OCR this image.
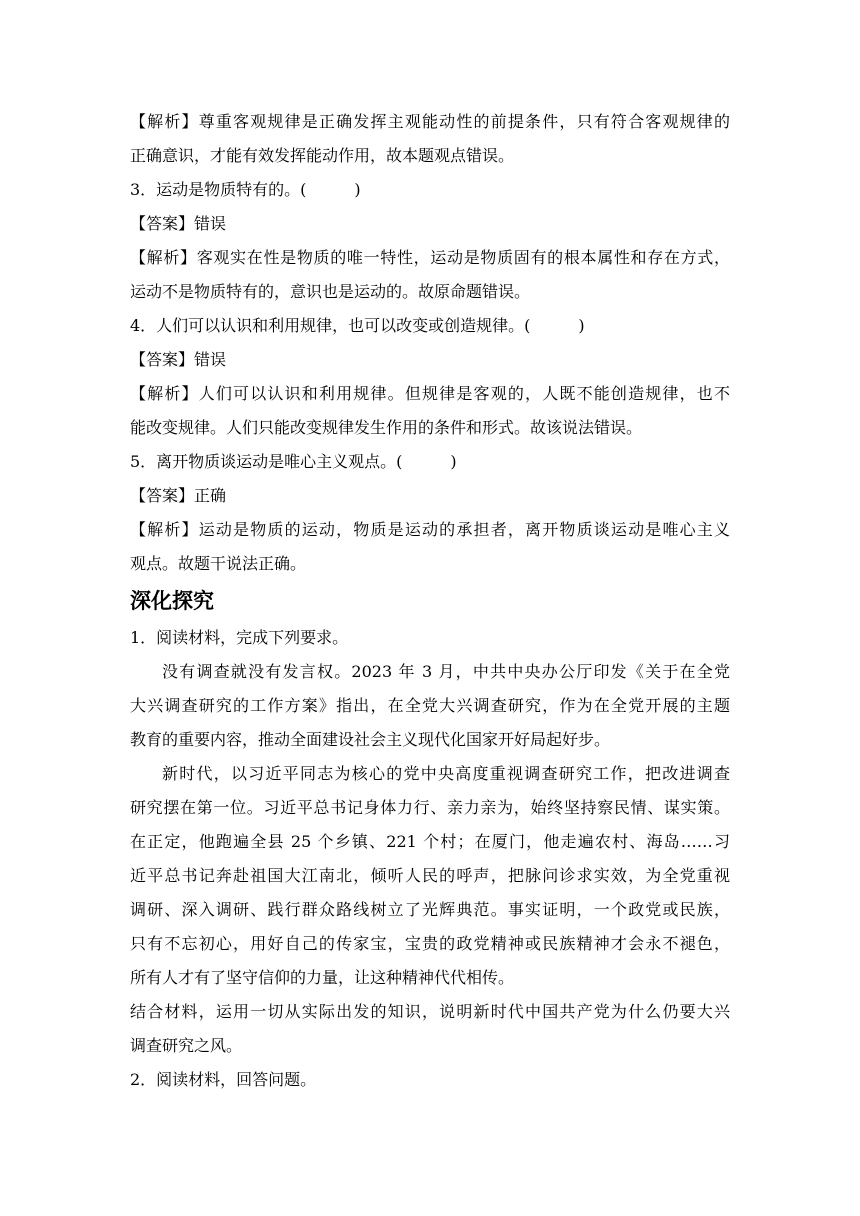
【解析】尊重客观规律是正确发挥主观能动性的前提条件，只有符合客观规律的
正确意识，才能有效发挥能动作用，故本题观点错误。
3．运动是物质特有的。(　　　)
【答案】错误
【解析】客观实在性是物质的唯一特性，运动是物质固有的根本属性和存在方式，
运动不是物质特有的，意识也是运动的。故原命题错误。
4．人们可以认识和利用规律，也可以改变或创造规律。(　　　)
【答案】错误
【解析】人们可以认识和利用规律。但规律是客观的，人既不能创造规律，也不
能改变规律。人们只能改变规律发生作用的条件和形式。故该说法错误。
5．离开物质谈运动是唯心主义观点。(　　　)
【答案】正确
【解析】运动是物质的运动，物质是运动的承担者，离开物质谈运动是唯心主义
观点。故题干说法正确。
深化探究
1．阅读材料，完成下列要求。
没有调查就没有发言权。2023 年 3 月，中共中央办公厅印发《关于在全党
大兴调查研究的工作方案》指出，在全党大兴调查研究，作为在全党开展的主题
教育的重要内容，推动全面建设社会主义现代化国家开好局起好步。
新时代，以习近平同志为核心的党中央高度重视调查研究工作，把改进调查
研究摆在第一位。习近平总书记身体力行、亲力亲为，始终坚持察民情、谋实策。
在正定，他跑遍全县 25 个乡镇、221 个村；在厦门，他走遍农村、海岛……习
近平总书记奔赴祖国大江南北，倾听人民的呼声，把脉问诊求实效，为全党重视
调研、深入调研、践行群众路线树立了光辉典范。事实证明，一个政党或民族，
只有不忘初心，用好自己的传家宝，宝贵的政党精神或民族精神才会永不褪色，
所有人才有了坚守信仰的力量，让这种精神代代相传。
结合材料，运用一切从实际出发的知识，说明新时代中国共产党为什么仍要大兴
调查研究之风。
2．阅读材料，回答问题。
